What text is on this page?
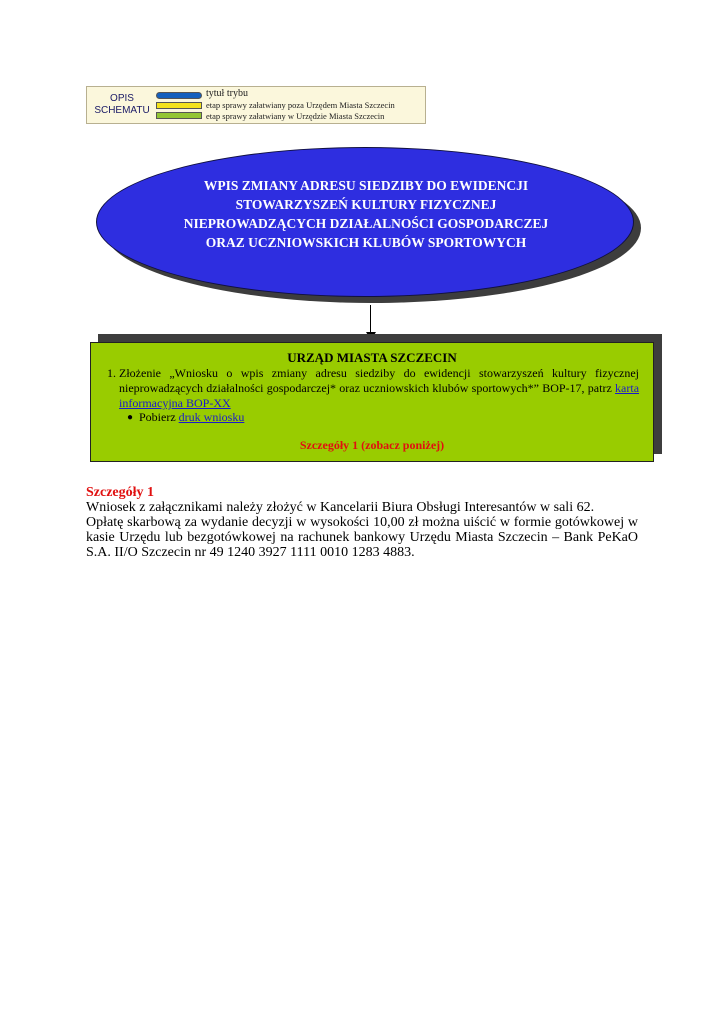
OPIS SCHEMATU
tytuł trybu
etap sprawy załatwiany poza Urzędem Miasta Szczecin
etap sprawy załatwiany w Urzędzie Miasta Szczecin
WPIS ZMIANY ADRESU SIEDZIBY DO EWIDENCJI STOWARZYSZEŃ KULTURY FIZYCZNEJ NIEPROWADZĄCYCH DZIAŁALNOŚCI GOSPODARCZEJ ORAZ UCZNIOWSKICH KLUBÓW SPORTOWYCH
URZĄD MIASTA SZCZECIN
1. Złożenie „Wniosku o wpis zmiany adresu siedziby do ewidencji stowarzyszeń kultury fizycznej nieprowadzących działalności gospodarczej* oraz uczniowskich klubów sportowych*” BOP-17, patrz karta informacyjna BOP-XX
● Pobierz druk wniosku
Szczegóły 1 (zobacz poniżej)
Szczegóły 1

Wniosek z załącznikami należy złożyć w Kancelarii Biura Obsługi Interesantów w sali 62.

Opłatę skarbową za wydanie decyzji w wysokości 10,00 zł można uiścić w formie gotówkowej w kasie Urzędu lub bezgotówkowej na rachunek bankowy Urzędu Miasta Szczecin – Bank PeKaO S.A. II/O Szczecin nr 49 1240 3927 1111 0010 1283 4883.
